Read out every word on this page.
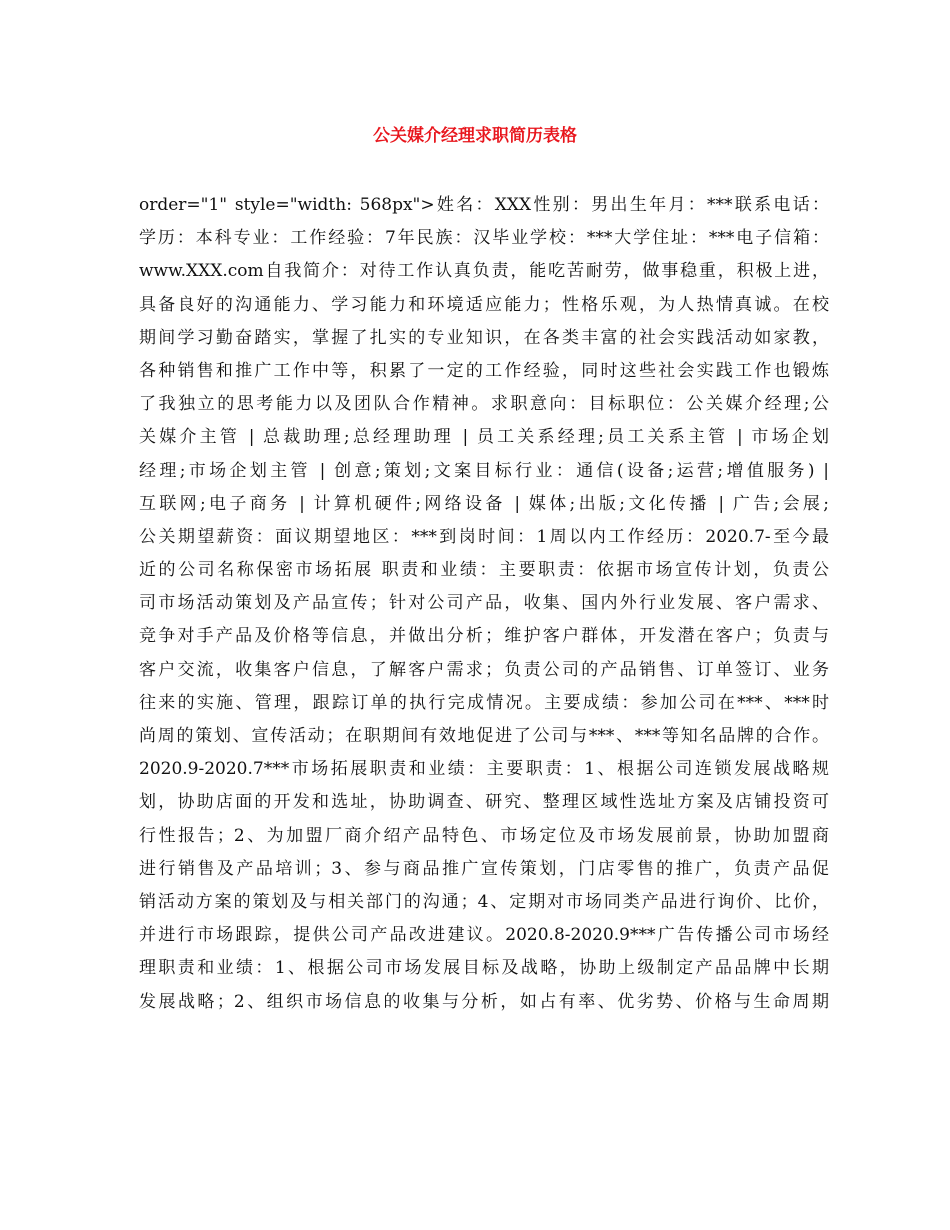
公关媒介经理求职简历表格
order="1" style="width: 568px">姓名：XXX性别：男出生年月：***联系电话：
学历：本科专业：工作经验：7年民族：汉毕业学校：***大学住址：***电子信箱：
www.XXX.com自我简介：对待工作认真负责，能吃苦耐劳，做事稳重，积极上进，
具备良好的沟通能力、学习能力和环境适应能力；性格乐观，为人热情真诚。在校
期间学习勤奋踏实，掌握了扎实的专业知识，在各类丰富的社会实践活动如家教，
各种销售和推广工作中等，积累了一定的工作经验，同时这些社会实践工作也锻炼
了我独立的思考能力以及团队合作精神。求职意向：目标职位：公关媒介经理;公
关媒介主管 | 总裁助理;总经理助理 | 员工关系经理;员工关系主管 | 市场企划
经理;市场企划主管 | 创意;策划;文案目标行业：通信(设备;运营;增值服务) |
互联网;电子商务 | 计算机硬件;网络设备 | 媒体;出版;文化传播 | 广告;会展;
公关期望薪资：面议期望地区：***到岗时间：1周以内工作经历：2020.7-至今最
近的公司名称保密市场拓展 职责和业绩：主要职责：依据市场宣传计划，负责公
司市场活动策划及产品宣传；针对公司产品，收集、国内外行业发展、客户需求、
竞争对手产品及价格等信息，并做出分析；维护客户群体，开发潜在客户；负责与
客户交流，收集客户信息，了解客户需求；负责公司的产品销售、订单签订、业务
往来的实施、管理，跟踪订单的执行完成情况。主要成绩：参加公司在***、***时
尚周的策划、宣传活动；在职期间有效地促进了公司与***、***等知名品牌的合作。
2020.9-2020.7***市场拓展职责和业绩：主要职责：1、根据公司连锁发展战略规
划，协助店面的开发和选址，协助调查、研究、整理区域性选址方案及店铺投资可
行性报告；2、为加盟厂商介绍产品特色、市场定位及市场发展前景，协助加盟商
进行销售及产品培训；3、参与商品推广宣传策划，门店零售的推广，负责产品促
销活动方案的策划及与相关部门的沟通；4、定期对市场同类产品进行询价、比价，
并进行市场跟踪，提供公司产品改进建议。2020.8-2020.9***广告传播公司市场经
理职责和业绩：1、根据公司市场发展目标及战略，协助上级制定产品品牌中长期
发展战略；2、组织市场信息的收集与分析，如占有率、优劣势、价格与生命周期
